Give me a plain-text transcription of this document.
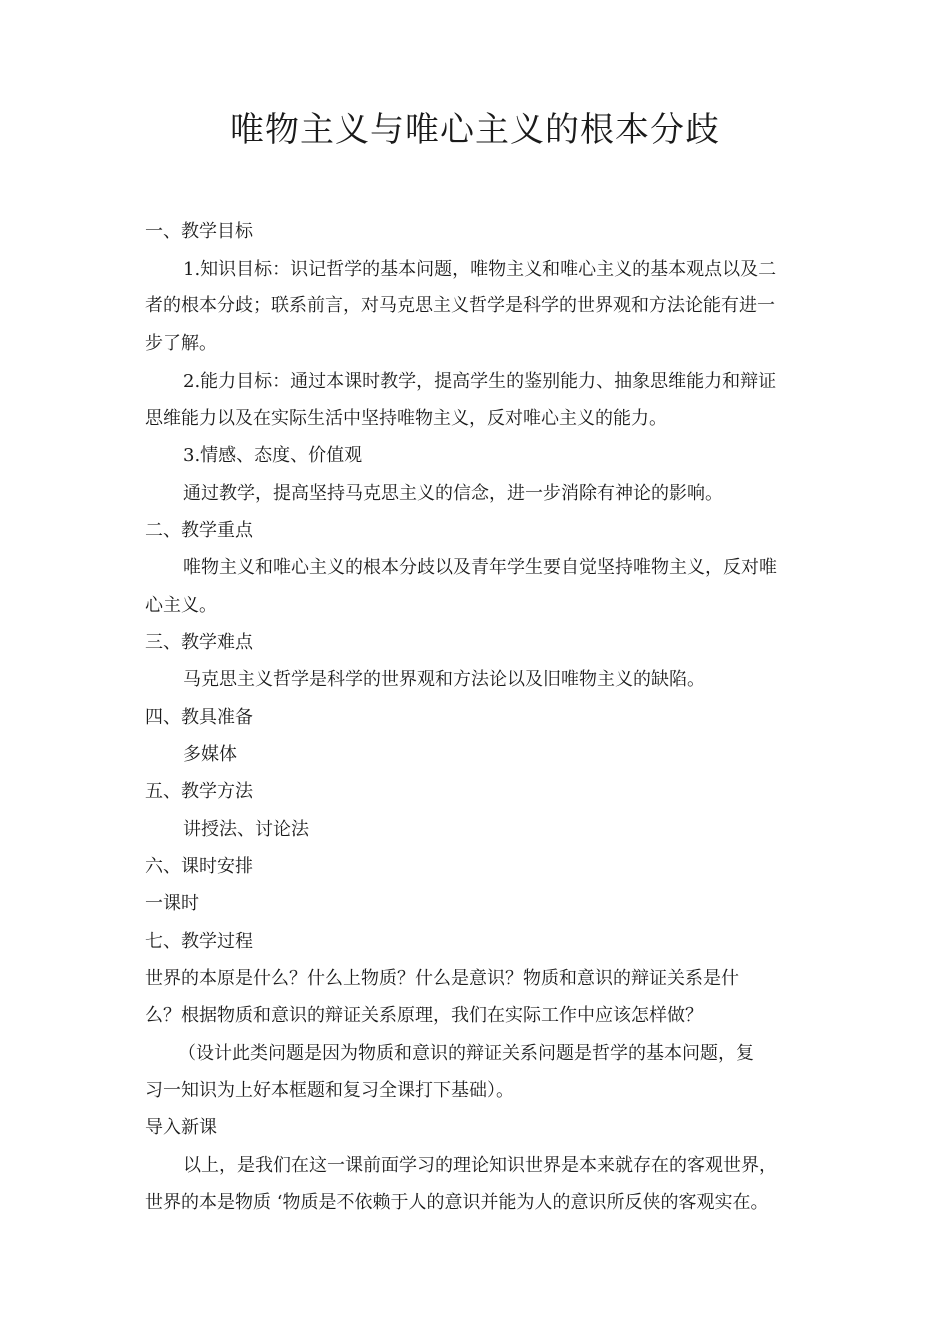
唯物主义与唯心主义的根本分歧
一、教学目标
1.知识目标：识记哲学的基本问题，唯物主义和唯心主义的基本观点以及二
者的根本分歧；联系前言，对马克思主义哲学是科学的世界观和方法论能有进一
步了解。
2.能力目标：通过本课时教学，提高学生的鉴别能力、抽象思维能力和辩证
思维能力以及在实际生活中坚持唯物主义，反对唯心主义的能力。
3.情感、态度、价值观
通过教学，提高坚持马克思主义的信念，进一步消除有神论的影响。
二、教学重点
唯物主义和唯心主义的根本分歧以及青年学生要自觉坚持唯物主义，反对唯
心主义。
三、教学难点
马克思主义哲学是科学的世界观和方法论以及旧唯物主义的缺陷。
四、教具准备
多媒体
五、教学方法
讲授法、讨论法
六、课时安排
一课时
七、教学过程
世界的本原是什么？什么上物质？什么是意识？物质和意识的辩证关系是什
么？根据物质和意识的辩证关系原理，我们在实际工作中应该怎样做？
（设计此类问题是因为物质和意识的辩证关系问题是哲学的基本问题，复
习一知识为上好本框题和复习全课打下基础）。
导入新课
以上，是我们在这一课前面学习的理论知识世界是本来就存在的客观世界，
世界的本是物质 ‘物质是不依赖于人的意识并能为人的意识所反侠的客观实在。
